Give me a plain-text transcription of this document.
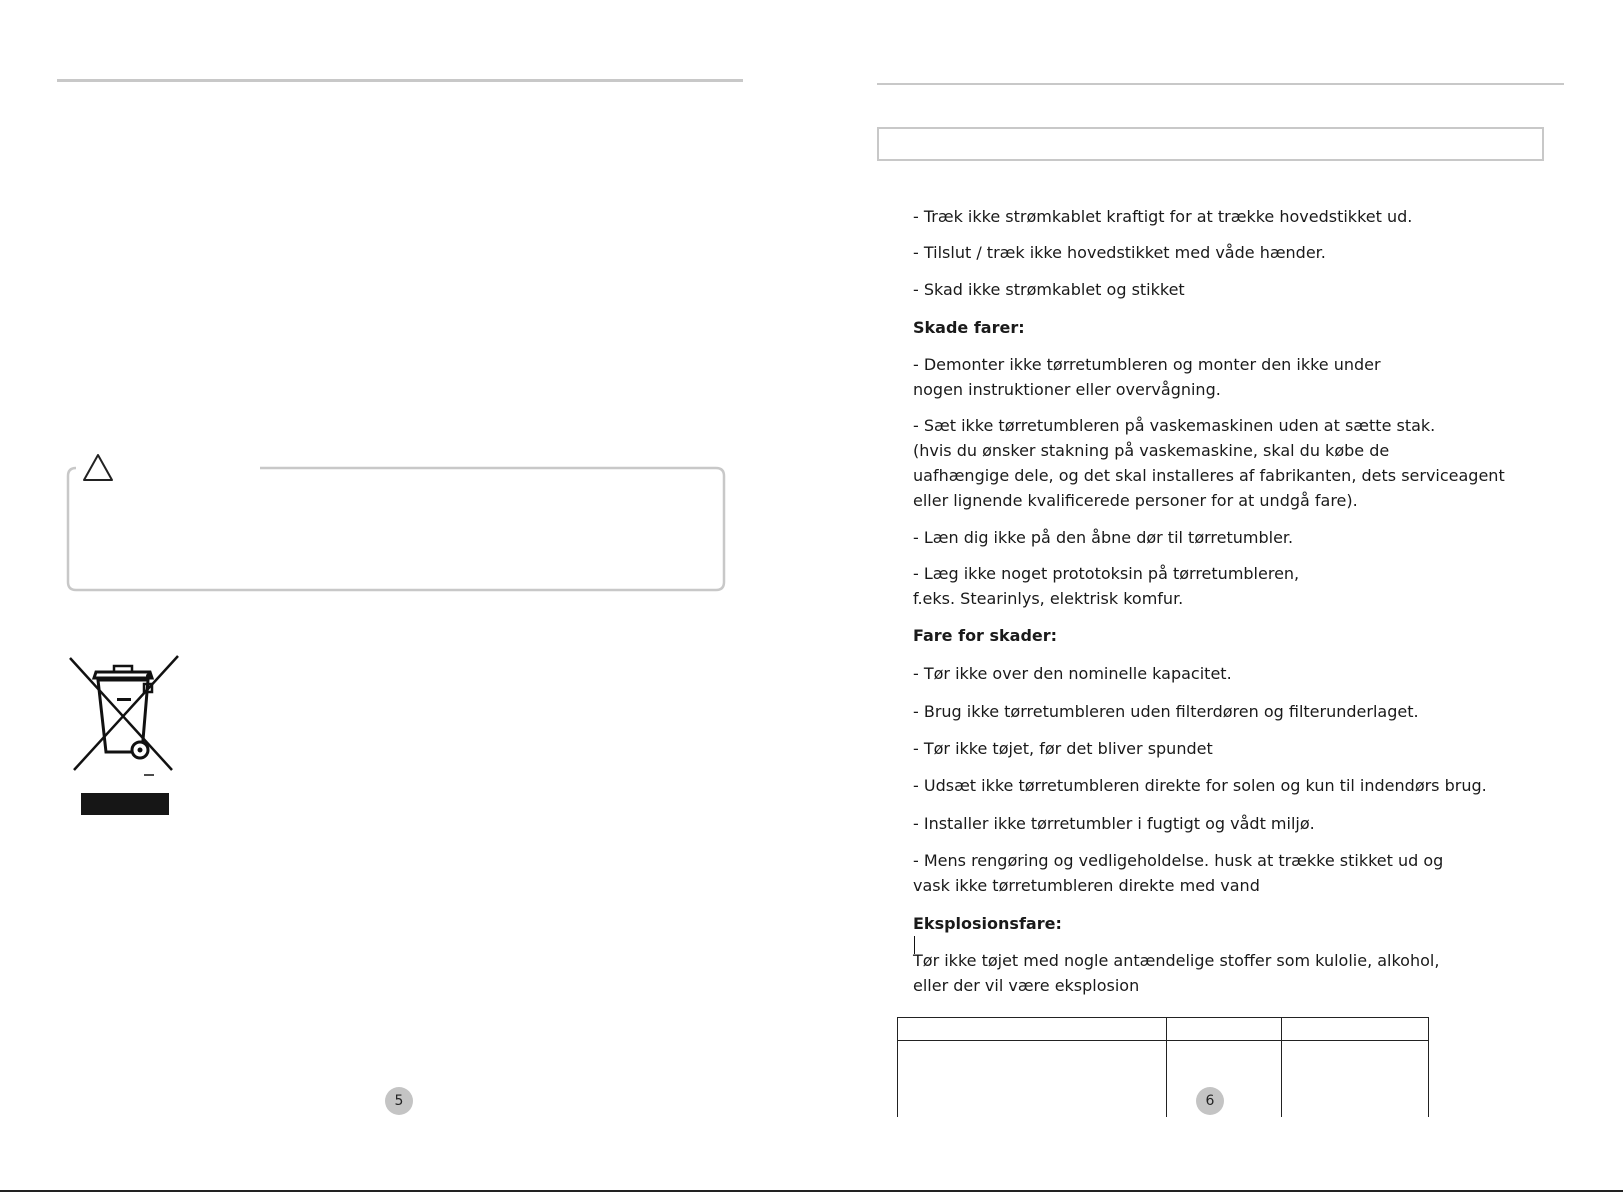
5
- Træk ikke strømkablet kraftigt for at trække hovedstikket ud.
- Tilslut / træk ikke hovedstikket med våde hænder.
- Skad ikke strømkablet og stikket
Skade farer:
- Demonter ikke tørretumbleren og monter den ikke under
nogen instruktioner eller overvågning.
- Sæt ikke tørretumbleren på vaskemaskinen uden at sætte stak.
(hvis du ønsker stakning på vaskemaskine, skal du købe de
uafhængige dele, og det skal installeres af fabrikanten, dets serviceagent
eller lignende kvalificerede personer for at undgå fare).
- Læn dig ikke på den åbne dør til tørretumbler.
- Læg ikke noget prototoksin på tørretumbleren,
f.eks. Stearinlys, elektrisk komfur.
Fare for skader:
- Tør ikke over den nominelle kapacitet.
- Brug ikke tørretumbleren uden filterdøren og filterunderlaget.
- Tør ikke tøjet, før det bliver spundet
- Udsæt ikke tørretumbleren direkte for solen og kun til indendørs brug.
- Installer ikke tørretumbler i fugtigt og vådt miljø.
- Mens rengøring og vedligeholdelse. husk at trække stikket ud og
vask ikke tørretumbleren direkte med vand
Eksplosionsfare:
Tør ikke tøjet med nogle antændelige stoffer som kulolie, alkohol,
eller der vil være eksplosion
6
